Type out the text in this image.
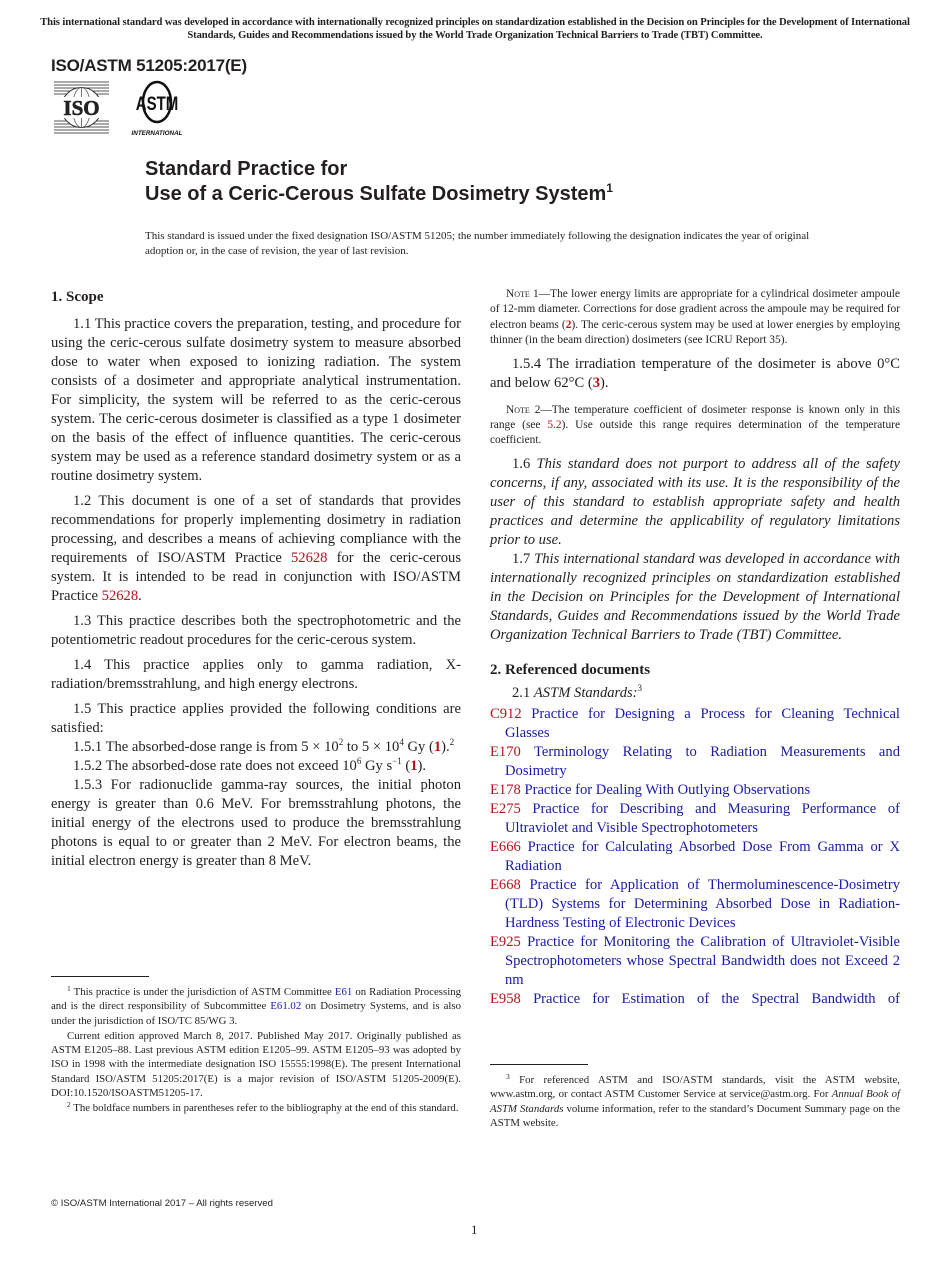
This international standard was developed in accordance with internationally recognized principles on standardization established in the Decision on Principles for the Development of International Standards, Guides and Recommendations issued by the World Trade Organization Technical Barriers to Trade (TBT) Committee.
ISO/ASTM 51205:2017(E)
ISO ASTM
INTERNATIONAL
Standard Practice for
Use of a Ceric-Cerous Sulfate Dosimetry System$^1$
This standard is issued under the fixed designation ISO/ASTM 51205; the number immediately following the designation indicates the year of original adoption or, in the case of revision, the year of last revision.
1. Scope

1.1 This practice covers the preparation, testing, and procedure for using the ceric-cerous sulfate dosimetry system to measure absorbed dose to water when exposed to ionizing radiation. The system consists of a dosimeter and appropriate analytical instrumentation. For simplicity, the system will be referred to as the ceric-cerous system. The ceric-cerous dosimeter is classified as a type 1 dosimeter on the basis of the effect of influence quantities. The ceric-cerous system may be used as a reference standard dosimetry system or as a routine dosimetry system.

1.2 This document is one of a set of standards that provides recommendations for properly implementing dosimetry in radiation processing, and describes a means of achieving compliance with the requirements of ISO/ASTM Practice 52628 for the ceric-cerous system. It is intended to be read in conjunction with ISO/ASTM Practice 52628.

1.3 This practice describes both the spectrophotometric and the potentiometric readout procedures for the ceric-cerous system.

1.4 This practice applies only to gamma radiation, X-radiation/bremsstrahlung, and high energy electrons.

1.5 This practice applies provided the following conditions are satisfied:

1.5.1 The absorbed-dose range is from $5 \times 10^2$ to $5 \times 10^4$ Gy (1).$^2$

1.5.2 The absorbed-dose rate does not exceed $10^6$ Gy $s^{-1}$ (1).

1.5.3 For radionuclide gamma-ray sources, the initial photon energy is greater than 0.6 MeV. For bremsstrahlung photons, the initial energy of the electrons used to produce the bremsstrahlung photons is equal to or greater than 2 MeV. For electron beams, the initial electron energy is greater than 8 MeV.

$^1$ This practice is under the jurisdiction of ASTM Committee E61 on Radiation Processing and is the direct responsibility of Subcommittee E61.02 on Dosimetry Systems, and is also under the jurisdiction of ISO/TC 85/WG 3.

Current edition approved March 8, 2017. Published May 2017. Originally published as ASTM E1205–88. Last previous ASTM edition E1205–99. ASTM E1205–93 was adopted by ISO in 1998 with the intermediate designation ISO 15555:1998(E). The present International Standard ISO/ASTM 51205:2017(E) is a major revision of ISO/ASTM 51205-2009(E). DOI:10.1520/ISOASTM51205-17.

$^2$ The boldface numbers in parentheses refer to the bibliography at the end of this standard.

Note 1—The lower energy limits are appropriate for a cylindrical dosimeter ampoule of 12-mm diameter. Corrections for dose gradient across the ampoule may be required for electron beams (2). The ceric-cerous system may be used at lower energies by employing thinner (in the beam direction) dosimeters (see ICRU Report 35).

1.5.4 The irradiation temperature of the dosimeter is above 0°C and below 62°C (3).

Note 2—The temperature coefficient of dosimeter response is known only in this range (see 5.2). Use outside this range requires determination of the temperature coefficient.

1.6 This standard does not purport to address all of the safety concerns, if any, associated with its use. It is the responsibility of the user of this standard to establish appropriate safety and health practices and determine the applicability of regulatory limitations prior to use.

1.7 This international standard was developed in accordance with internationally recognized principles on standardization established in the Decision on Principles for the Development of International Standards, Guides and Recommendations issued by the World Trade Organization Technical Barriers to Trade (TBT) Committee.

2. Referenced documents

2.1 ASTM Standards:$^3$

C912 Practice for Designing a Process for Cleaning Technical Glasses
E170 Terminology Relating to Radiation Measurements and Dosimetry
E178 Practice for Dealing With Outlying Observations
E275 Practice for Describing and Measuring Performance of Ultraviolet and Visible Spectrophotometers
E666 Practice for Calculating Absorbed Dose From Gamma or X Radiation
E668 Practice for Application of Thermoluminescence-Dosimetry (TLD) Systems for Determining Absorbed Dose in Radiation-Hardness Testing of Electronic Devices
E925 Practice for Monitoring the Calibration of Ultraviolet-Visible Spectrophotometers whose Spectral Bandwidth does not Exceed 2 nm
E958 Practice for Estimation of the Spectral Bandwidth of

$^3$ For referenced ASTM and ISO/ASTM standards, visit the ASTM website, www.astm.org, or contact ASTM Customer Service at service@astm.org. For Annual Book of ASTM Standards volume information, refer to the standard’s Document Summary page on the ASTM website.

© ISO/ASTM International 2017 – All rights reserved
1
